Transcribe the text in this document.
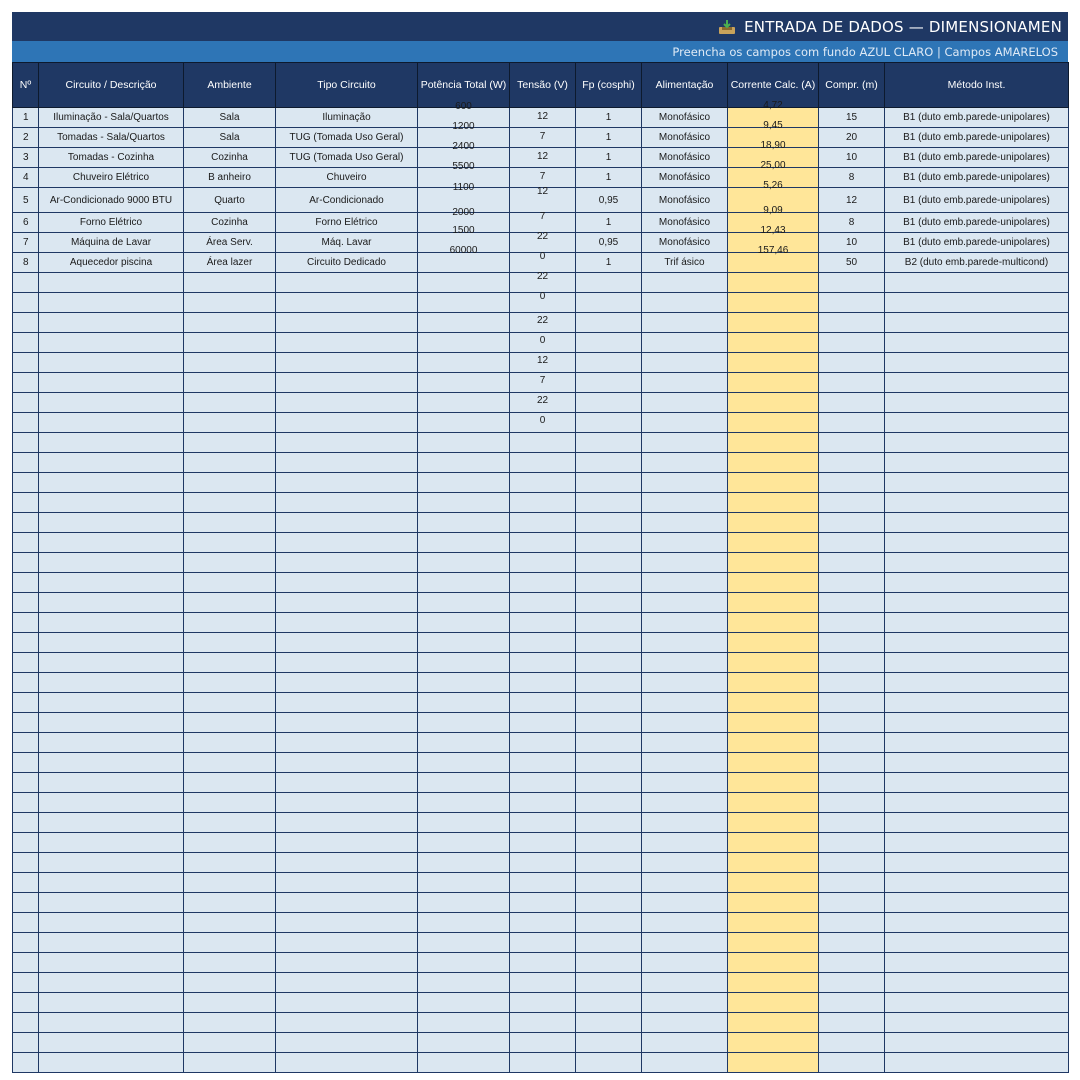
ENTRADA DE DADOS — DIMENSIONAMEN
Preencha os campos com fundo AZUL CLARO | Campos AMARELOS
Nº	Circuito / Descrição	Ambiente	Tipo Circuito	Potência Total (W)	Tensão (V)	Fp (cosphi)	Alimentação	Corrente Calc. (A)	Compr. (m)	Método Inst.
1	Iluminação - Sala/Quartos	Sala	Iluminação	600	12	1	Monofásico	4,72	15	B1 (duto emb.parede-unipolares)
2	Tomadas - Sala/Quartos	Sala	TUG (Tomada Uso Geral)	1200	7	1	Monofásico	9,45	20	B1 (duto emb.parede-unipolares)
3	Tomadas - Cozinha	Cozinha	TUG (Tomada Uso Geral)	2400	12	1	Monofásico	18,90	10	B1 (duto emb.parede-unipolares)
4	Chuveiro Elétrico	B anheiro	Chuveiro	5500	7	1	Monofásico	25,00	8	B1 (duto emb.parede-unipolares)
5	Ar-Condicionado 9000 BTU	Quarto	Ar-Condicionado	1100	12	0,95	Monofásico	5,26	12	B1 (duto emb.parede-unipolares)
6	Forno Elétrico	Cozinha	Forno Elétrico	2000	7	1	Monofásico	9,09	8	B1 (duto emb.parede-unipolares)
7	Máquina de Lavar	Área Serv.	Máq. Lavar	1500	22	0,95	Monofásico	12,43	10	B1 (duto emb.parede-unipolares)
8	Aquecedor piscina	Área lazer	Circuito Dedicado	60000	0	1	Trif ásico	157,46	50	B2 (duto emb.parede-multicond)

					22					

					0					

					22					

					0					

					12					

					7					

					22					

					0					
